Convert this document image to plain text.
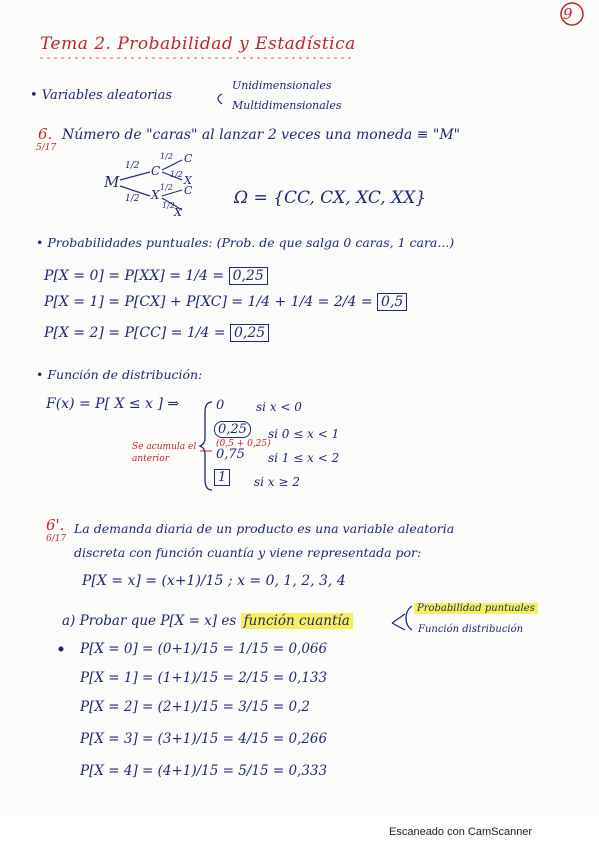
9
Tema 2. Probabilidad y Estadística
• Variables aleatorias
Unidimensionales
Multidimensionales
6.
5/17
Número de "caras" al lanzar 2 veces una moneda ≡ "M"
M
1/2
1/2
C
X
1/2 C
1/2 X
1/2 C
1/2
X
Ω = {CC, CX, XC, XX}
• Probabilidades puntuales: (Prob. de que salga 0 caras, 1 cara...)
P[X = 0] = P[XX] = 1/4 = 0,25
P[X = 1] = P[CX] + P[XC] = 1/4 + 1/4 = 2/4 = 0,5
P[X = 2] = P[CC] = 1/4 = 0,25
• Función de distribución:
F(x) = P[ X ≤ x ] ⇒	0	si x < 0
0,25	si 0 ≤ x < 1
(0,5 + 0,25)
0,75 si 1 ≤ x < 2
1	si x ≥ 2
Se acumula el anterior
6'.
6/17
La demanda diaria de un producto es una variable aleatoria
discreta con función cuantía y viene representada por:
P[X = x] = (x+1)/15 ; x = 0, 1, 2, 3, 4
a) Probar que P[X = x] es función cuantía
Probabilidad puntuales
Función distribución
P[X = 0] = (0+1)/15 = 1/15 = 0,066
P[X = 1] = (1+1)/15 = 2/15 = 0,133
P[X = 2] = (2+1)/15 = 3/15 = 0,2
P[X = 3] = (3+1)/15 = 4/15 = 0,266
P[X = 4] = (4+1)/15 = 5/15 = 0,333
Escaneado con CamScanner
